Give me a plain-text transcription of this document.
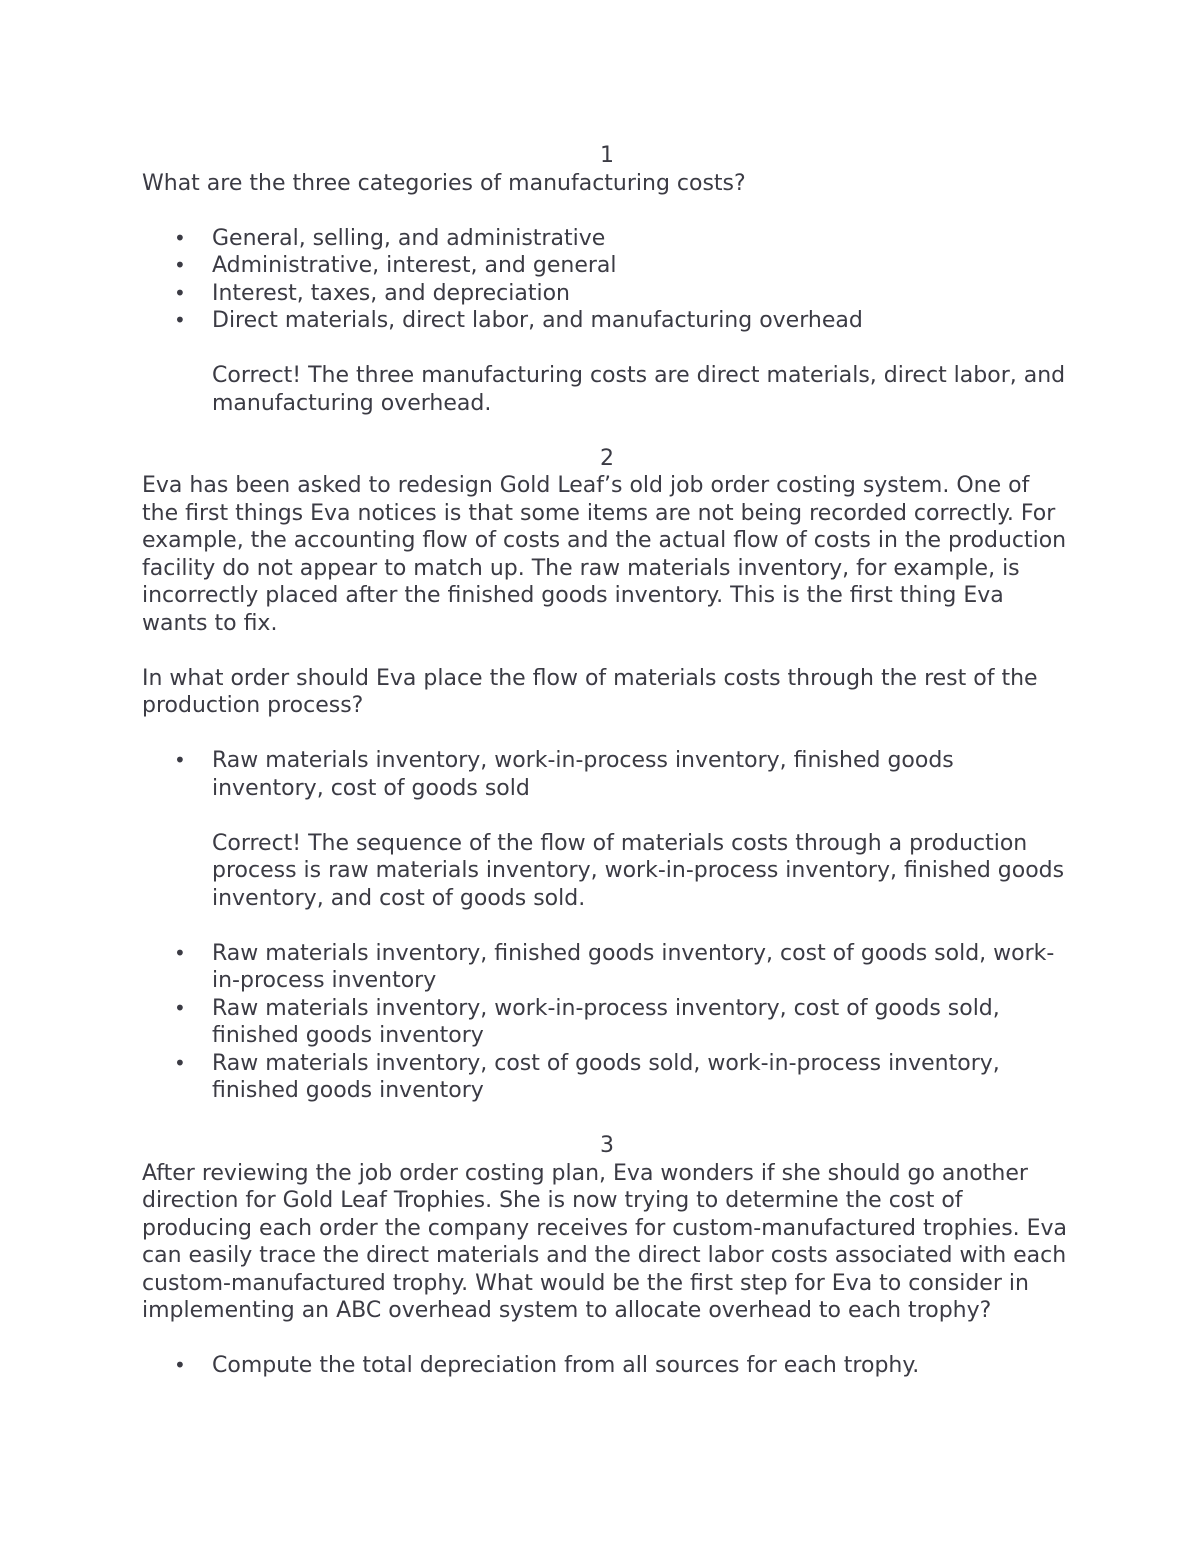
1

What are the three categories of manufacturing costs?

• General, selling, and administrative
• Administrative, interest, and general
• Interest, taxes, and depreciation
• Direct materials, direct labor, and manufacturing overhead

Correct! The three manufacturing costs are direct materials, direct labor, and manufacturing overhead.

2

Eva has been asked to redesign Gold Leaf’s old job order costing system. One of the first things Eva notices is that some items are not being recorded correctly. For example, the accounting flow of costs and the actual flow of costs in the production facility do not appear to match up. The raw materials inventory, for example, is incorrectly placed after the finished goods inventory. This is the first thing Eva wants to fix.

In what order should Eva place the flow of materials costs through the rest of the production process?

• Raw materials inventory, work-in-process inventory, finished goods inventory, cost of goods sold

Correct! The sequence of the flow of materials costs through a production process is raw materials inventory, work-in-process inventory, finished goods inventory, and cost of goods sold.

• Raw materials inventory, finished goods inventory, cost of goods sold, work-in-process inventory
• Raw materials inventory, work-in-process inventory, cost of goods sold, finished goods inventory
• Raw materials inventory, cost of goods sold, work-in-process inventory, finished goods inventory

3

After reviewing the job order costing plan, Eva wonders if she should go another direction for Gold Leaf Trophies. She is now trying to determine the cost of producing each order the company receives for custom-manufactured trophies. Eva can easily trace the direct materials and the direct labor costs associated with each custom-manufactured trophy. What would be the first step for Eva to consider in implementing an ABC overhead system to allocate overhead to each trophy?

• Compute the total depreciation from all sources for each trophy.
